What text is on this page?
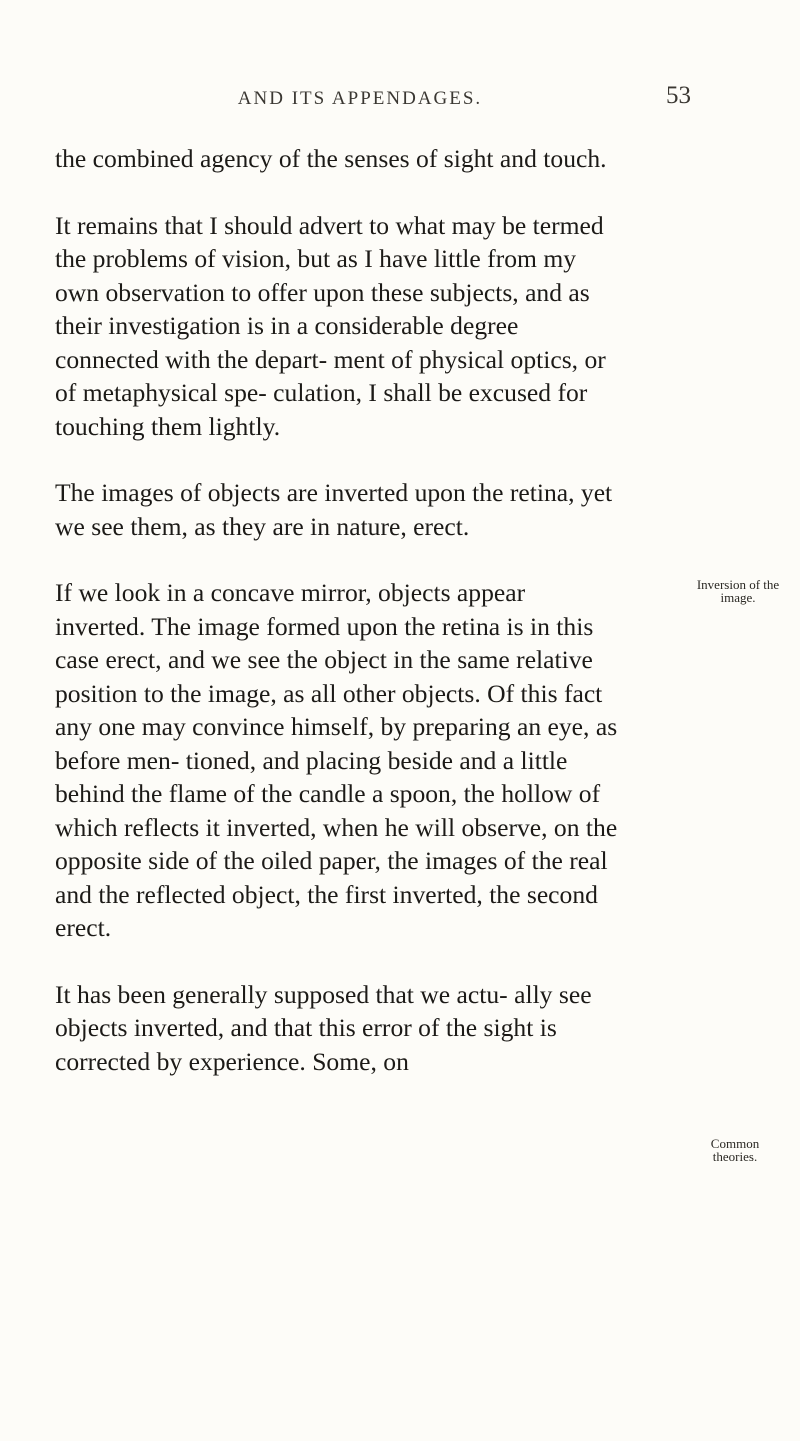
AND ITS APPENDAGES.	53

the combined agency of the senses of sight and touch.

It remains that I should advert to what may be termed the problems of vision, but as I have little from my own observation to offer upon these subjects, and as their investigation is in a considerable degree connected with the depart- ment of physical optics, or of metaphysical spe- culation, I shall be excused for touching them lightly.

The images of objects are inverted upon the retina, yet we see them, as they are in nature, erect.

If we look in a concave mirror, objects appear inverted. The image formed upon the retina is in this case erect, and we see the object in the same relative position to the image, as all other objects. Of this fact any one may convince himself, by preparing an eye, as before men- tioned, and placing beside and a little behind the flame of the candle a spoon, the hollow of which reflects it inverted, when he will observe, on the opposite side of the oiled paper, the images of the real and the reflected object, the first inverted, the second erect.

It has been generally supposed that we actu- ally see objects inverted, and that this error of the sight is corrected by experience. Some, on

Inversion of the image.
Common theories.
